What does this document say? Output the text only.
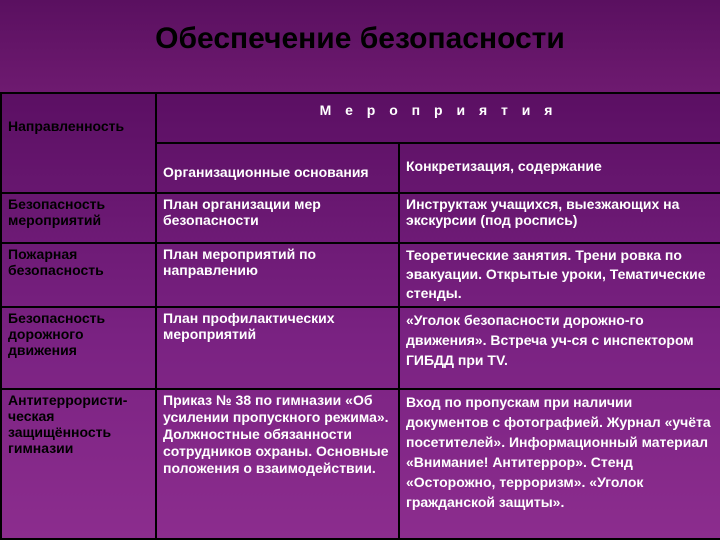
Обеспечение безопасности
Направленность	М е р о п р и я т и я	
	Организационные основания	Конкретизация, содержание
Безопасность мероприятий	План организации мер безопасности	Инструктаж учащихся, выезжающих на экскурсии (под роспись)
Пожарная безопасность	План мероприятий по направлению	Теоретические занятия. Трени ровка по эвакуации. Открытые уроки, Тематические стенды.
Безопасность дорожного движения	План профилактических мероприятий	«Уголок безопасности дорожно-го движения». Встреча уч-ся с инспектором ГИБДД при TV.
Антитеррористи-ческая защищённость гимназии	Приказ № 38 по гимназии «Об усилении пропускного режима». Должностные обязанности сотрудников охраны. Основные положения о взаимодействии.	Вход по пропускам при наличии документов с фотографией. Журнал «учёта посетителей». Информационный материал «Внимание! Антитеррор». Стенд «Осторожно, терроризм». «Уголок гражданской защиты».
